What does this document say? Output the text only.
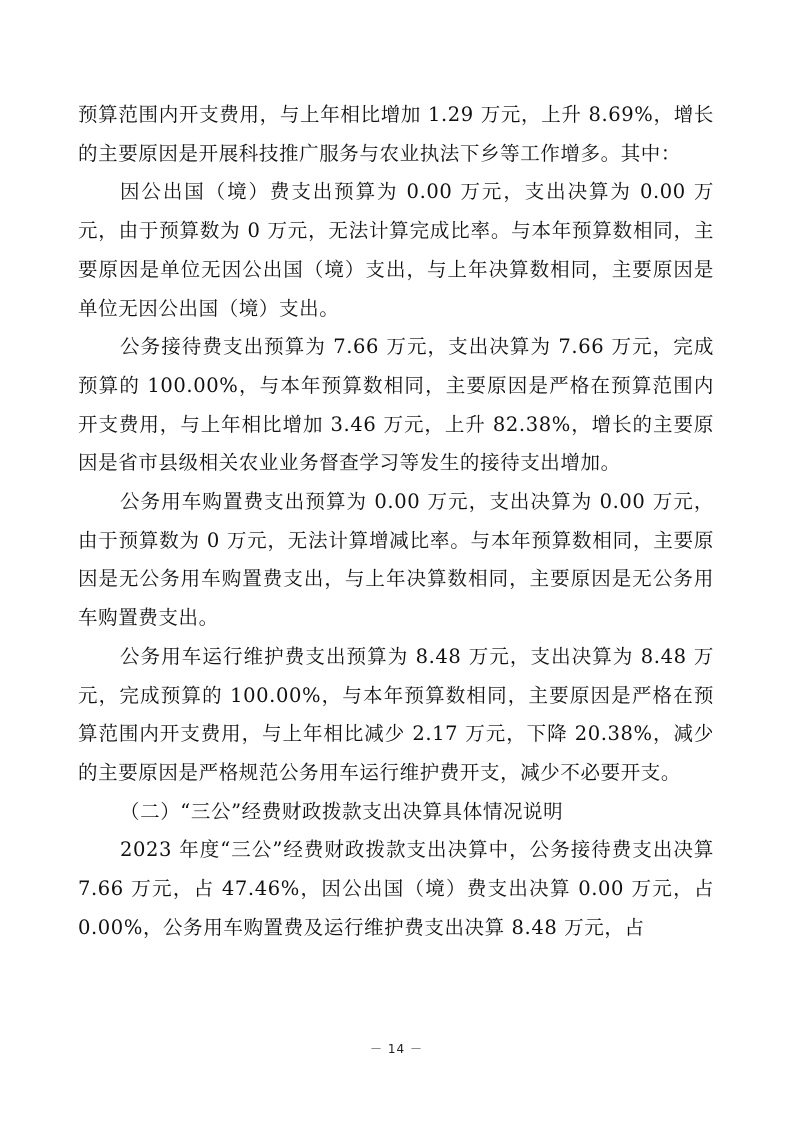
预算范围内开支费用，与上年相比增加 1.29 万元，上升 8.69%，增长的主要原因是开展科技推广服务与农业执法下乡等工作增多。其中：

因公出国（境）费支出预算为 0.00 万元，支出决算为 0.00 万元，由于预算数为 0 万元，无法计算完成比率。与本年预算数相同，主要原因是单位无因公出国（境）支出，与上年决算数相同，主要原因是单位无因公出国（境）支出。

公务接待费支出预算为 7.66 万元，支出决算为 7.66 万元，完成预算的 100.00%，与本年预算数相同，主要原因是严格在预算范围内开支费用，与上年相比增加 3.46 万元，上升 82.38%，增长的主要原因是省市县级相关农业业务督查学习等发生的接待支出增加。

公务用车购置费支出预算为 0.00 万元，支出决算为 0.00 万元，由于预算数为 0 万元，无法计算增减比率。与本年预算数相同，主要原因是无公务用车购置费支出，与上年决算数相同，主要原因是无公务用车购置费支出。

公务用车运行维护费支出预算为 8.48 万元，支出决算为 8.48 万元，完成预算的 100.00%，与本年预算数相同，主要原因是严格在预算范围内开支费用，与上年相比减少 2.17 万元，下降 20.38%，减少的主要原因是严格规范公务用车运行维护费开支，减少不必要开支。

（二）“三公”经费财政拨款支出决算具体情况说明

2023 年度“三公”经费财政拨款支出决算中，公务接待费支出决算 7.66 万元，占 47.46%，因公出国（境）费支出决算 0.00 万元，占 0.00%，公务用车购置费及运行维护费支出决算 8.48 万元，占

－ 14 －
